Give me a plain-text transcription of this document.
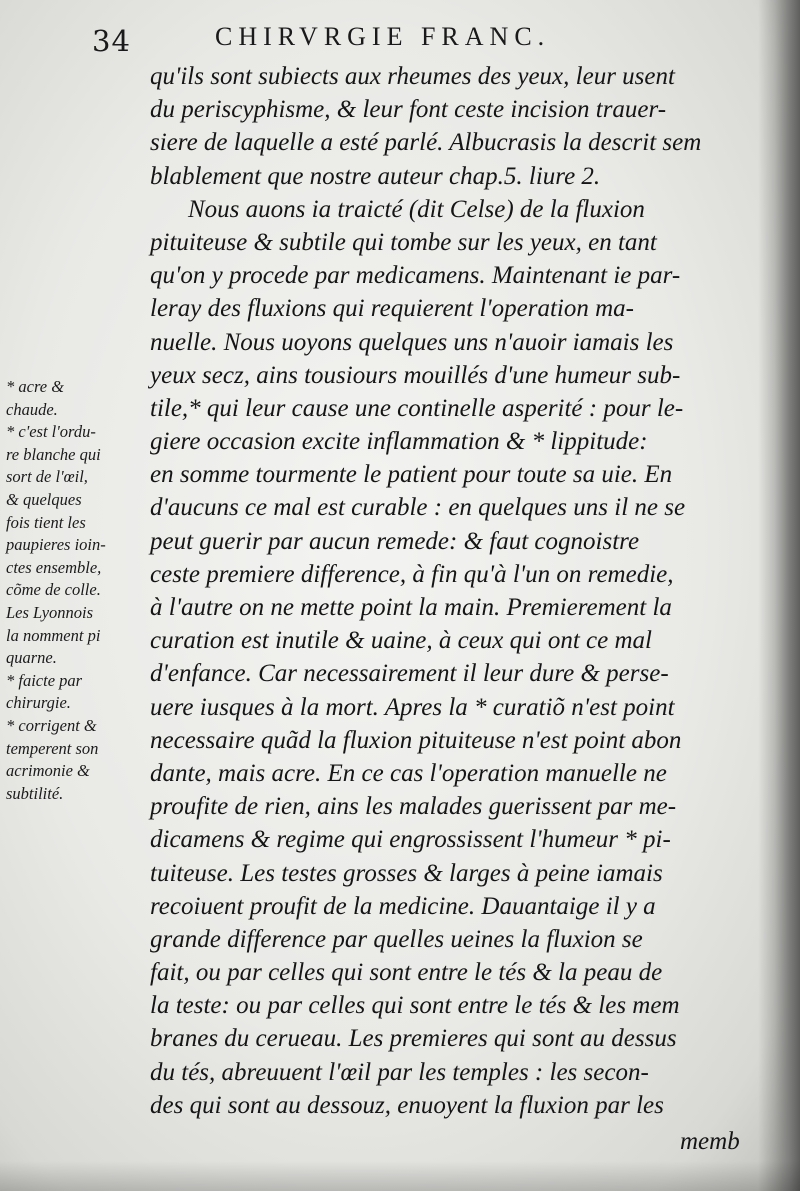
34	CHIRVRGIE FRANC.
qu'ils sont subiects aux rheumes des yeux, leur usent
du periscyphisme, & leur font ceste incision trauer-
siere de laquelle a esté parlé. Albucrasis la descrit sem
blablement que nostre auteur chap.5. liure 2.
Nous auons ia traicté (dit Celse) de la fluxion
pituiteuse & subtile qui tombe sur les yeux, en tant
qu'on y procede par medicamens. Maintenant ie par-
leray des fluxions qui requierent l'operation ma-
nuelle. Nous uoyons quelques uns n'auoir iamais les
yeux secz, ains tousiours mouillés d'une humeur sub-
tile,* qui leur cause une continelle asperité : pour le-
giere occasion excite inflammation & * lippitude:
en somme tourmente le patient pour toute sa uie. En
d'aucuns ce mal est curable : en quelques uns il ne se
peut guerir par aucun remede: & faut cognoistre
ceste premiere difference, à fin qu'à l'un on remedie,
à l'autre on ne mette point la main. Premierement la
curation est inutile & uaine, à ceux qui ont ce mal
d'enfance. Car necessairement il leur dure & perse-
uere iusques à la mort. Apres la * curatiõ n'est point
necessaire quãd la fluxion pituiteuse n'est point abon
dante, mais acre. En ce cas l'operation manuelle ne
proufite de rien, ains les malades guerissent par me-
dicamens & regime qui engrossissent l'humeur * pi-
tuiteuse. Les testes grosses & larges à peine iamais
recoiuent proufit de la medicine. Dauantaige il y a
grande difference par quelles ueines la fluxion se
fait, ou par celles qui sont entre le tés & la peau de
la teste: ou par celles qui sont entre le tés & les mem
branes du cerueau. Les premieres qui sont au dessus
du tés, abreuuent l'œil par les temples : les secon-
des qui sont au dessouz, enuoyent la fluxion par les
memb
* acre &
chaude.
* c'est l'ordu-
re blanche qui
sort de l'œil,
& quelques
fois tient les
paupieres ioin-
ctes ensemble,
cõme de colle.
Les Lyonnois
la nomment pi
quarne.
* faicte par
chirurgie.
* corrigent &
temperent son
acrimonie &
subtilité.
